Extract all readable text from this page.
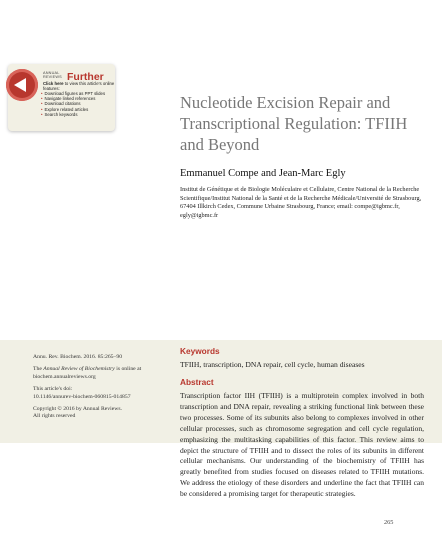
ANNUAL REVIEWS Further
Click here to view this article's online features:
• Download figures as PPT slides
• Navigate linked references
• Download citations
• Explore related articles
• Search keywords
Nucleotide Excision Repair and Transcriptional Regulation: TFIIH and Beyond
Emmanuel Compe and Jean-Marc Egly
Institut de Génétique et de Biologie Moléculaire et Cellulaire, Centre National de la Recherche Scientifique/Institut National de la Santé et de la Recherche Médicale/Université de Strasbourg, 67404 Illkirch Cedex, Commune Urbaine Strasbourg, France; email: compe@igbmc.fr, egly@igbmc.fr

Annu. Rev. Biochem. 2016. 85:265–90

The Annual Review of Biochemistry is online at biochem.annualreviews.org

This article's doi:
10.1146/annurev-biochem-060815-014857

Copyright © 2016 by Annual Reviews.
All rights reserved

Keywords
TFIIH, transcription, DNA repair, cell cycle, human diseases
Abstract
Transcription factor IIH (TFIIH) is a multiprotein complex involved in both transcription and DNA repair, revealing a striking functional link between these two processes. Some of its subunits also belong to complexes involved in other cellular processes, such as chromosome segregation and cell cycle regulation, emphasizing the multitasking capabilities of this factor. This review aims to depict the structure of TFIIH and to dissect the roles of its subunits in different cellular mechanisms. Our understanding of the biochemistry of TFIIH has greatly benefited from studies focused on diseases related to TFIIH mutations. We address the etiology of these disorders and underline the fact that TFIIH can be considered a promising target for therapeutic strategies.
265
